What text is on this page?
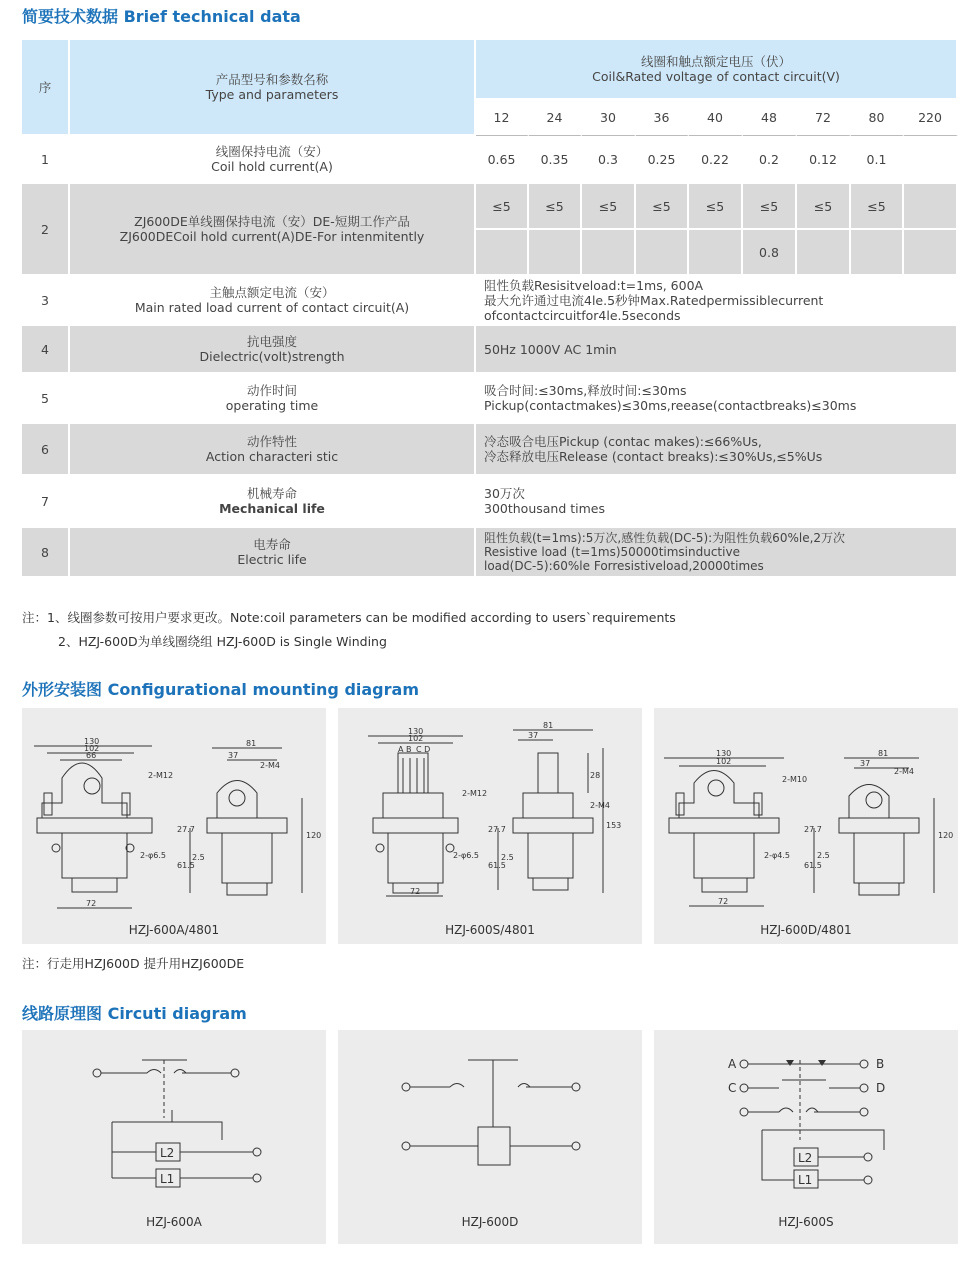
简要技术数据 Brief technical data
序	产品型号和参数名称
Type and parameters	线圈和触点额定电压（伏）
Coil&Rated voltage of contact circuit(V)								

		12	24	30	36	40	48	72	80	220
1	线圈保持电流（安）
Coil hold current(A)	0.65	0.35	0.3	0.25	0.22	0.2	0.12	0.1	
2	ZJ600DE单线圈保持电流（安）DE-短期工作产品
ZJ600DECoil hold current(A)DE-For intenmitently	≤5	≤5	≤5	≤5	≤5	≤5	≤5	≤5	
							0.8			
3	主触点额定电流（安）
Main rated load current of contact circuit(A)	阻性负载Resisitveload:t=1ms, 600A
最大允许通过电流4le.5秒钟Max.Ratedpermissiblecurrent
ofcontactcircuitfor4le.5seconds								

4	抗电强度
Dielectric(volt)strength	50Hz 1000V AC 1min								

5	动作时间
operating time	吸合时间:≤30ms,释放时间:≤30ms
Pickup(contactmakes)≤30ms,reease(contactbreaks)≤30ms								

6	动作特性
Action characteri stic	冷态吸合电压Pickup (contac makes):≤66%Us,
冷态释放电压Release (contact breaks):≤30%Us,≤5%Us								

7	机械寿命
Mechanical life	30万次
300thousand times								

8	电寿命
Electric life	阻性负载(t=1ms):5万次,感性负载(DC-5):为阻性负载60%le,2万次
Resistive load (t=1ms)50000timsinductive
load(DC-5):60%le Forresistiveload,20000times								
注：1、线圈参数可按用户要求更改。Note:coil parameters can be modified according to users`requirements
2、HZJ-600D为单线圈绕组 HZJ-600D is Single Winding
外形安装图 Configurational mounting diagram
130
102
66
2-M12
27.7
61.5
2.5
2-φ6.5
72
81
37
2-M4
120
HZJ-600A/4801
130
102
A B C D
2-M12
27.7
61.5
2.5
2-φ6.5
72
81
37
28
2-M4
153
HZJ-600S/4801
130
102
2-M10
27.7
61.5
2-φ4.5
72
81
37
2-M4
2.5
120
HZJ-600D/4801
注：行走用HZJ600D 提升用HZJ600DE
线路原理图 Circuti diagram
L2
L1
HZJ-600A	HZJ-600D
A	B
C	D
L2
L1
HZJ-600S
